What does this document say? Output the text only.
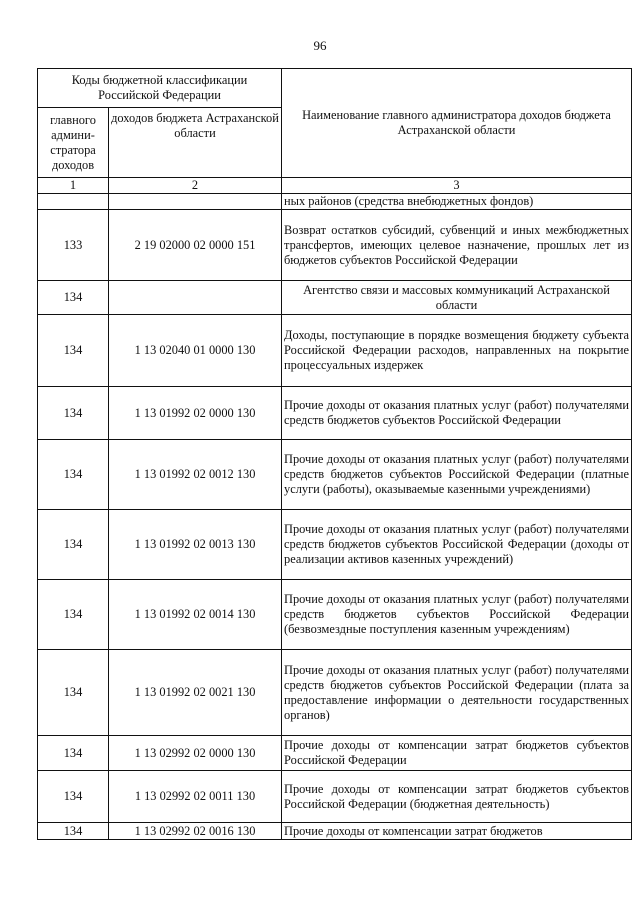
96
Коды бюджетной классификации Российской Федерации		Наименование главного администратора доходов бюджета Астраханской области
главного админи-стратора доходов	доходов бюджета Астраханской области	
1	2	3
		ных районов (средства внебюджетных фондов)
133	2 19 02000 02 0000 151	Возврат остатков субсидий, субвенций и иных межбюджетных трансфертов, имеющих целевое назначение, прошлых лет из бюджетов субъектов Российской Федерации
134		Агентство связи и массовых коммуникаций Астраханской области
134	1 13 02040 01 0000 130	Доходы, поступающие в порядке возмещения бюджету субъекта Российской Федерации расходов, направленных на покрытие процессуальных издержек
134	1 13 01992 02 0000 130	Прочие доходы от оказания платных услуг (работ) получателями средств бюджетов субъектов Российской Федерации
134	1 13 01992 02 0012 130	Прочие доходы от оказания платных услуг (работ) получателями средств бюджетов субъектов Российской Федерации (платные услуги (работы), оказываемые казенными учреждениями)
134	1 13 01992 02 0013 130	Прочие доходы от оказания платных услуг (работ) получателями средств бюджетов субъектов Российской Федерации (доходы от реализации активов казенных учреждений)
134	1 13 01992 02 0014 130	Прочие доходы от оказания платных услуг (работ) получателями средств бюджетов субъектов Российской Федерации (безвозмездные поступления казенным учреждениям)
134	1 13 01992 02 0021 130	Прочие доходы от оказания платных услуг (работ) получателями средств бюджетов субъектов Российской Федерации (плата за предоставление информации о деятельности государственных органов)
134	1 13 02992 02 0000 130	Прочие доходы от компенсации затрат бюджетов субъектов Российской Федерации
134	1 13 02992 02 0011 130	Прочие доходы от компенсации затрат бюджетов субъектов Российской Федерации (бюджетная деятельность)
134	1 13 02992 02 0016 130	Прочие доходы от компенсации затрат бюджетов
